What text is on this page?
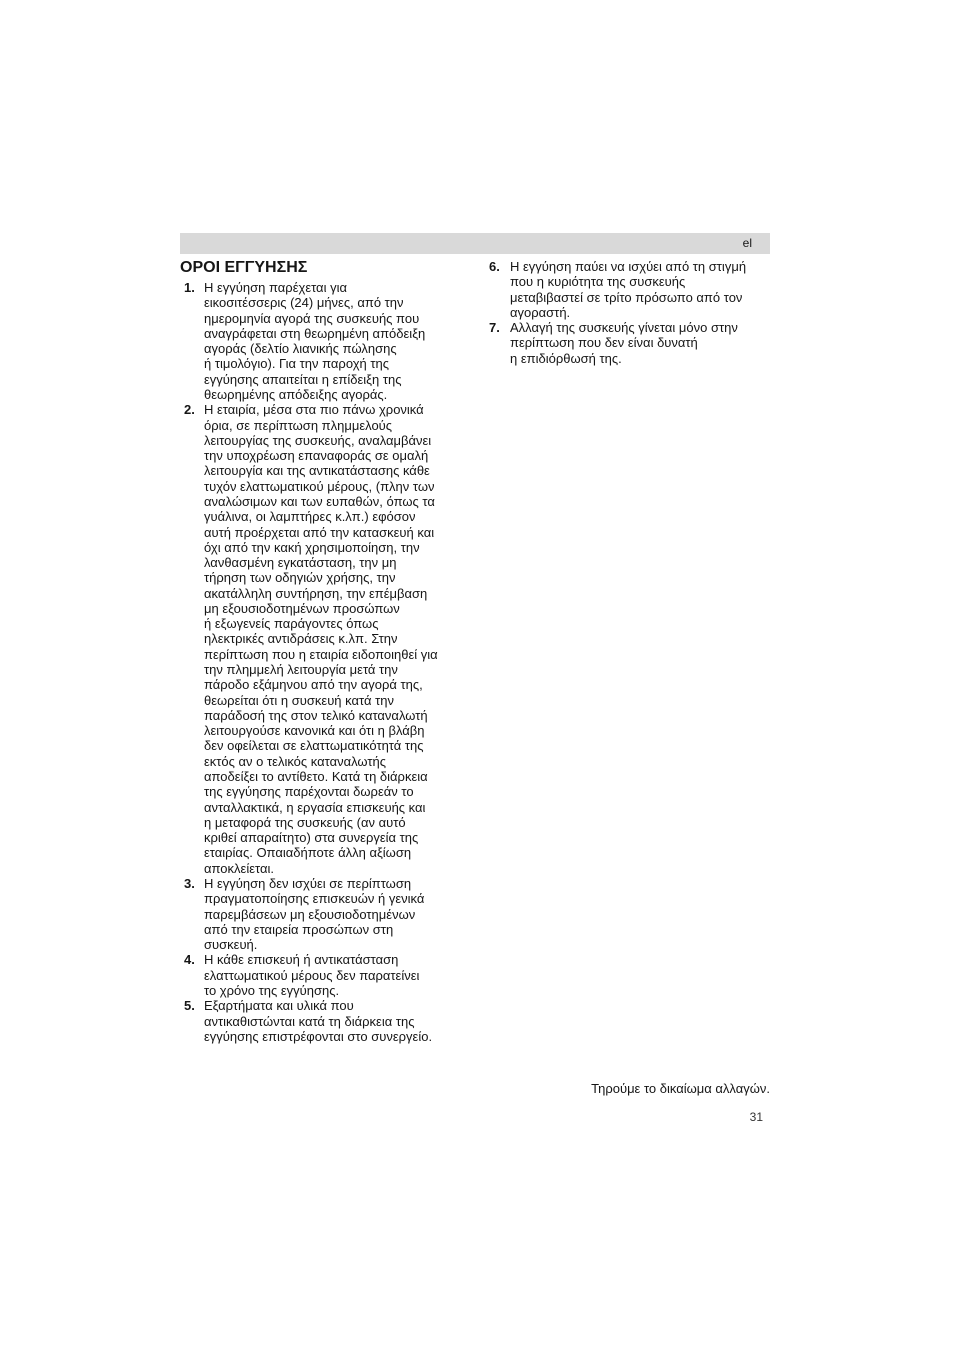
el
ΟΡΟΙ ΕΓΓΥΗΣΗΣ
1. Η εγγύηση παρέχεται για
εικοσιτέσσερις (24) μήνες, από την
ημερομηνία αγορά της συσκευής που
αναγράφεται στη θεωρημένη απόδειξη
αγοράς (δελτίο λιανικής πώλησης
ή τιμολόγιο). Για την παροχή της
εγγύησης απαιτείται η επίδειξη της
θεωρημένης απόδειξης αγοράς.
2. Η εταιρία, μέσα στα πιο πάνω χρονικά
όρια, σε περίπτωση πλημμελούς
λειτουργίας της συσκευής, αναλαμβάνει
την υποχρέωση επαναφοράς σε ομαλή
λειτουργία και της αντικατάστασης κάθε
τυχόν ελαττωματικού μέρους, (πλην των
αναλώσιμων και των ευπαθών, όπως τα
γυάλινα, οι λαμπτήρες κ.λπ.) εφόσον
αυτή προέρχεται από την κατασκευή και
όχι από την κακή χρησιμοποίηση, την
λανθασμένη εγκατάσταση, την μη
τήρηση των οδηγιών χρήσης, την
ακατάλληλη συντήρηση, την επέμβαση
μη εξουσιοδοτημένων προσώπων
ή εξωγενείς παράγοντες όπως
ηλεκτρικές αντιδράσεις κ.λπ. Στην
περίπτωση που η εταιρία ειδοποιηθεί για
την πλημμελή λειτουργία μετά την
πάροδο εξάμηνου από την αγορά της,
θεωρείται ότι η συσκευή κατά την
παράδοσή της στον τελικό καταναλωτή
λειτουργούσε κανονικά και ότι η βλάβη
δεν οφείλεται σε ελαττωματικότητά της
εκτός αν ο τελικός καταναλωτής
αποδείξει το αντίθετο. Κατά τη διάρκεια
της εγγύησης παρέχονται δωρεάν το
ανταλλακτικά, η εργασία επισκευής και
η μεταφορά της συσκευής (αν αυτό
κριθεί απαραίτητο) στα συνεργεία της
εταιρίας. Οπαιαδήποτε άλλη αξίωση
αποκλείεται.
3. Η εγγύηση δεν ισχύει σε περίπτωση
πραγματοποίησης επισκευών ή γενικά
παρεμβάσεων μη εξουσιοδοτημένων
από την εταιρεία προσώπων στη
συσκευή.
4. Η κάθε επισκευή ή αντικατάσταση
ελαττωματικού μέρους δεν παρατείνει
το χρόνο της εγγύησης.
5. Εξαρτήματα και υλικά που
αντικαθιστώνται κατά τη διάρκεια της
εγγύησης επιστρέφονται στο συνεργείο.
6. Η εγγύηση παύει να ισχύει από τη στιγμή
που η κυριότητα της συσκευής
μεταβιβαστεί σε τρίτο πρόσωπο από τον
αγοραστή.
7. Αλλαγή της συσκευής γίνεται μόνο στην
περίπτωση που δεν είναι δυνατή
η επιδιόρθωσή της.
Τηρούμε το δικαίωμα αλλαγών.
31
